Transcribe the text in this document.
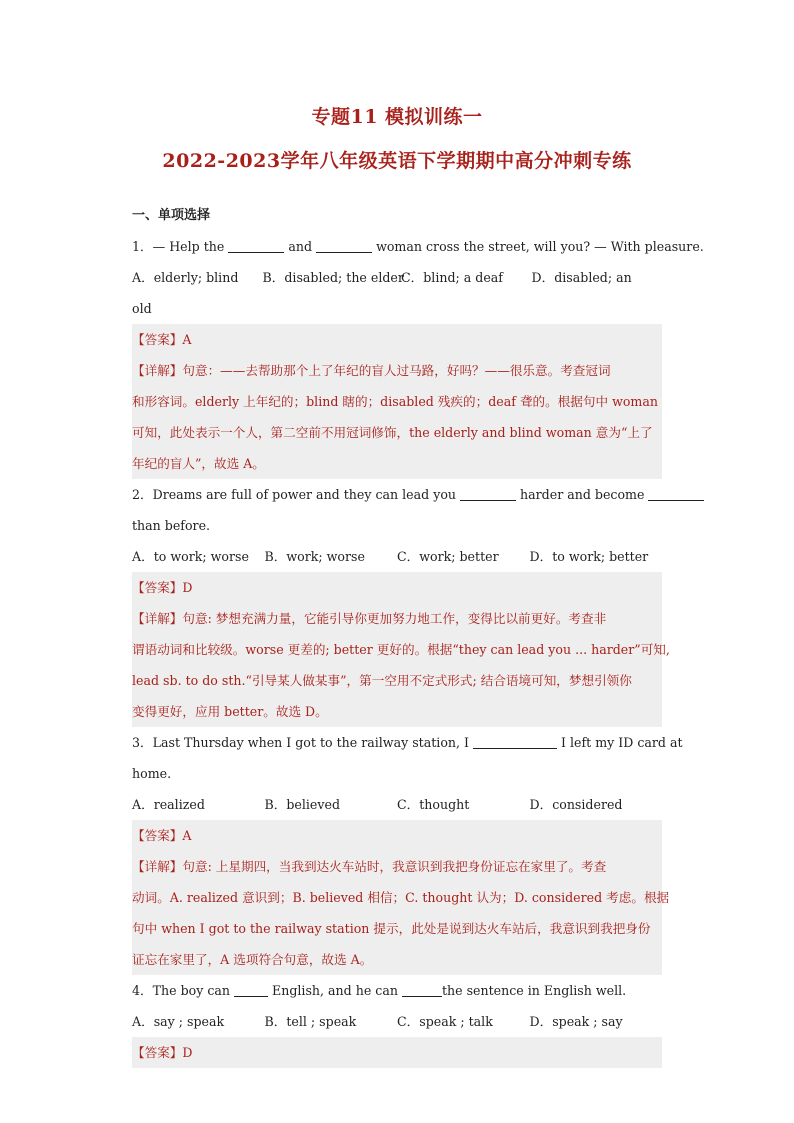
专题11 模拟训练一
2022-2023学年八年级英语下学期期中高分冲刺专练
一、单项选择
1．— Help the	and	woman cross the street, will you? — With pleasure.
A．elderly; blind	B．disabled; the elder
C．blind; a deaf	D．disabled; an
old
【答案】A
【详解】句意：——去帮助那个上了年纪的盲人过马路，好吗？——很乐意。考查冠词
和形容词。elderly 上年纪的；blind 瞎的；disabled 残疾的；deaf 聋的。根据句中 woman
可知，此处表示一个人，第二空前不用冠词修饰，the elderly and blind woman 意为“上了
年纪的盲人”，故选 A。
2．Dreams are full of power and they can lead you	harder and become
than before.
A．to work; worse	B．work; worse	C．work; better	D．to work; better
【答案】D
【详解】句意: 梦想充满力量，它能引导你更加努力地工作，变得比以前更好。考查非
谓语动词和比较级。worse 更差的; better 更好的。根据“they can lead you ... harder”可知,
lead sb. to do sth.“引导某人做某事”，第一空用不定式形式; 结合语境可知，梦想引领你
变得更好，应用 better。故选 D。
3．Last Thursday when I got to the railway station, I	I left my ID card at
home.
A．realized	B．believed	C．thought	D．considered
【答案】A
【详解】句意: 上星期四，当我到达火车站时，我意识到我把身份证忘在家里了。考查
动词。A. realized 意识到；B. believed 相信；C. thought 认为；D. considered 考虑。根据
句中 when I got to the railway station 提示，此处是说到达火车站后，我意识到我把身份
证忘在家里了，A 选项符合句意，故选 A。
4．The boy can	English, and he can	the sentence in English well.
A．say ; speak	B．tell ; speak	C．speak ; talk	D．speak ; say
【答案】D
